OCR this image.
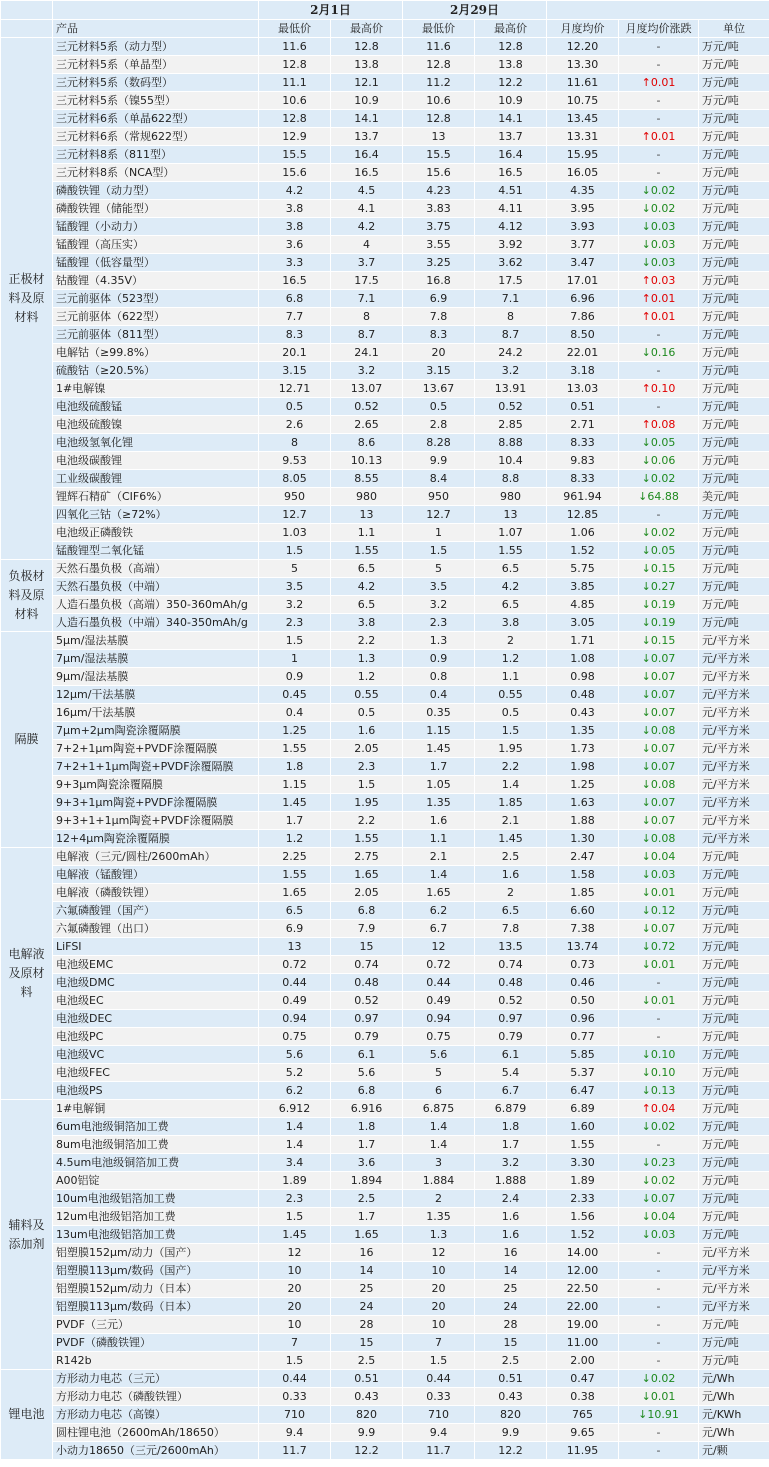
		2月1日		2月29日				
	产品	最低价	最高价	最低价	最高价	月度均价	月度均价涨跌	单位
正极材料及原材料	三元材料5系（动力型）	11.6	12.8	11.6	12.8	12.20	-	万元/吨
	三元材料5系（单晶型）	12.8	13.8	12.8	13.8	13.30	-	万元/吨
	三元材料5系（数码型）	11.1	12.1	11.2	12.2	11.61	↑0.01	万元/吨
	三元材料5系（镍55型）	10.6	10.9	10.6	10.9	10.75	-	万元/吨
	三元材料6系（单晶622型）	12.8	14.1	12.8	14.1	13.45	-	万元/吨
	三元材料6系（常规622型）	12.9	13.7	13	13.7	13.31	↑0.01	万元/吨
	三元材料8系（811型）	15.5	16.4	15.5	16.4	15.95	-	万元/吨
	三元材料8系（NCA型）	15.6	16.5	15.6	16.5	16.05	-	万元/吨
	磷酸铁锂（动力型）	4.2	4.5	4.23	4.51	4.35	↓0.02	万元/吨
	磷酸铁锂（储能型）	3.8	4.1	3.83	4.11	3.95	↓0.02	万元/吨
	锰酸锂（小动力）	3.8	4.2	3.75	4.12	3.93	↓0.03	万元/吨
	锰酸锂（高压实）	3.6	4	3.55	3.92	3.77	↓0.03	万元/吨
	锰酸锂（低容量型）	3.3	3.7	3.25	3.62	3.47	↓0.03	万元/吨
	钴酸锂（4.35V）	16.5	17.5	16.8	17.5	17.01	↑0.03	万元/吨
	三元前驱体（523型）	6.8	7.1	6.9	7.1	6.96	↑0.01	万元/吨
	三元前驱体（622型）	7.7	8	7.8	8	7.86	↑0.01	万元/吨
	三元前驱体（811型）	8.3	8.7	8.3	8.7	8.50	-	万元/吨
	电解钴（≥99.8%）	20.1	24.1	20	24.2	22.01	↓0.16	万元/吨
	硫酸钴（≥20.5%）	3.15	3.2	3.15	3.2	3.18	-	万元/吨
	1#电解镍	12.71	13.07	13.67	13.91	13.03	↑0.10	万元/吨
	电池级硫酸锰	0.5	0.52	0.5	0.52	0.51	-	万元/吨
	电池级硫酸镍	2.6	2.65	2.8	2.85	2.71	↑0.08	万元/吨
	电池级氢氧化锂	8	8.6	8.28	8.88	8.33	↓0.05	万元/吨
	电池级碳酸锂	9.53	10.13	9.9	10.4	9.83	↓0.06	万元/吨
	工业级碳酸锂	8.05	8.55	8.4	8.8	8.33	↓0.02	万元/吨
	锂辉石精矿（CIF6%）	950	980	950	980	961.94	↓64.88	美元/吨
	四氧化三钴（≥72%）	12.7	13	12.7	13	12.85	-	万元/吨
	电池级正磷酸铁	1.03	1.1	1	1.07	1.06	↓0.02	万元/吨
	锰酸锂型二氧化锰	1.5	1.55	1.5	1.55	1.52	↓0.05	万元/吨
负极材料及原材料	天然石墨负极（高端）	5	6.5	5	6.5	5.75	↓0.15	万元/吨
	天然石墨负极（中端）	3.5	4.2	3.5	4.2	3.85	↓0.27	万元/吨
	人造石墨负极（高端）350-360mAh/g	3.2	6.5	3.2	6.5	4.85	↓0.19	万元/吨
	人造石墨负极（中端）340-350mAh/g	2.3	3.8	2.3	3.8	3.05	↓0.19	万元/吨
隔膜	5μm/湿法基膜	1.5	2.2	1.3	2	1.71	↓0.15	元/平方米
	7μm/湿法基膜	1	1.3	0.9	1.2	1.08	↓0.07	元/平方米
	9μm/湿法基膜	0.9	1.2	0.8	1.1	0.98	↓0.07	元/平方米
	12μm/干法基膜	0.45	0.55	0.4	0.55	0.48	↓0.07	元/平方米
	16μm/干法基膜	0.4	0.5	0.35	0.5	0.43	↓0.07	元/平方米
	7μm+2μm陶瓷涂覆隔膜	1.25	1.6	1.15	1.5	1.35	↓0.08	元/平方米
	7+2+1μm陶瓷+PVDF涂覆隔膜	1.55	2.05	1.45	1.95	1.73	↓0.07	元/平方米
	7+2+1+1μm陶瓷+PVDF涂覆隔膜	1.8	2.3	1.7	2.2	1.98	↓0.07	元/平方米
	9+3μm陶瓷涂覆隔膜	1.15	1.5	1.05	1.4	1.25	↓0.08	元/平方米
	9+3+1μm陶瓷+PVDF涂覆隔膜	1.45	1.95	1.35	1.85	1.63	↓0.07	元/平方米
	9+3+1+1μm陶瓷+PVDF涂覆隔膜	1.7	2.2	1.6	2.1	1.88	↓0.07	元/平方米
	12+4μm陶瓷涂覆隔膜	1.2	1.55	1.1	1.45	1.30	↓0.08	元/平方米
电解液及原材料	电解液（三元/圆柱/2600mAh）	2.25	2.75	2.1	2.5	2.47	↓0.04	万元/吨
	电解液（锰酸锂）	1.55	1.65	1.4	1.6	1.58	↓0.03	万元/吨
	电解液（磷酸铁锂）	1.65	2.05	1.65	2	1.85	↓0.01	万元/吨
	六氟磷酸锂（国产）	6.5	6.8	6.2	6.5	6.60	↓0.12	万元/吨
	六氟磷酸锂（出口）	6.9	7.9	6.7	7.8	7.38	↓0.07	万元/吨
	LiFSI	13	15	12	13.5	13.74	↓0.72	万元/吨
	电池级EMC	0.72	0.74	0.72	0.74	0.73	↓0.01	万元/吨
	电池级DMC	0.44	0.48	0.44	0.48	0.46	-	万元/吨
	电池级EC	0.49	0.52	0.49	0.52	0.50	↓0.01	万元/吨
	电池级DEC	0.94	0.97	0.94	0.97	0.96	-	万元/吨
	电池级PC	0.75	0.79	0.75	0.79	0.77	-	万元/吨
	电池级VC	5.6	6.1	5.6	6.1	5.85	↓0.10	万元/吨
	电池级FEC	5.2	5.6	5	5.4	5.37	↓0.10	万元/吨
	电池级PS	6.2	6.8	6	6.7	6.47	↓0.13	万元/吨
辅料及添加剂	1#电解铜	6.912	6.916	6.875	6.879	6.89	↑0.04	万元/吨
	6um电池级铜箔加工费	1.4	1.8	1.4	1.8	1.60	↓0.02	万元/吨
	8um电池级铜箔加工费	1.4	1.7	1.4	1.7	1.55	-	万元/吨
	4.5um电池级铜箔加工费	3.4	3.6	3	3.2	3.30	↓0.23	万元/吨
	A00铝锭	1.89	1.894	1.884	1.888	1.89	↓0.02	万元/吨
	10um电池级铝箔加工费	2.3	2.5	2	2.4	2.33	↓0.07	万元/吨
	12um电池级铝箔加工费	1.5	1.7	1.35	1.6	1.56	↓0.04	万元/吨
	13um电池级铝箔加工费	1.45	1.65	1.3	1.6	1.52	↓0.03	万元/吨
	铝塑膜152μm/动力（国产）	12	16	12	16	14.00	-	元/平方米
	铝塑膜113μm/数码（国产）	10	14	10	14	12.00	-	元/平方米
	铝塑膜152μm/动力（日本）	20	25	20	25	22.50	-	元/平方米
	铝塑膜113μm/数码（日本）	20	24	20	24	22.00	-	元/平方米
	PVDF（三元）	10	28	10	28	19.00	-	万元/吨
	PVDF（磷酸铁锂）	7	15	7	15	11.00	-	万元/吨
	R142b	1.5	2.5	1.5	2.5	2.00	-	万元/吨
锂电池	方形动力电芯（三元）	0.44	0.51	0.44	0.51	0.47	↓0.02	元/Wh
	方形动力电芯（磷酸铁锂）	0.33	0.43	0.33	0.43	0.38	↓0.01	元/Wh
	方形动力电芯（高镍）	710	820	710	820	765	↓10.91	元/KWh
	圆柱锂电池（2600mAh/18650）	9.4	9.9	9.4	9.9	9.65	-	元/Wh
	小动力18650（三元/2600mAh）	11.7	12.2	11.7	12.2	11.95	-	元/颗
